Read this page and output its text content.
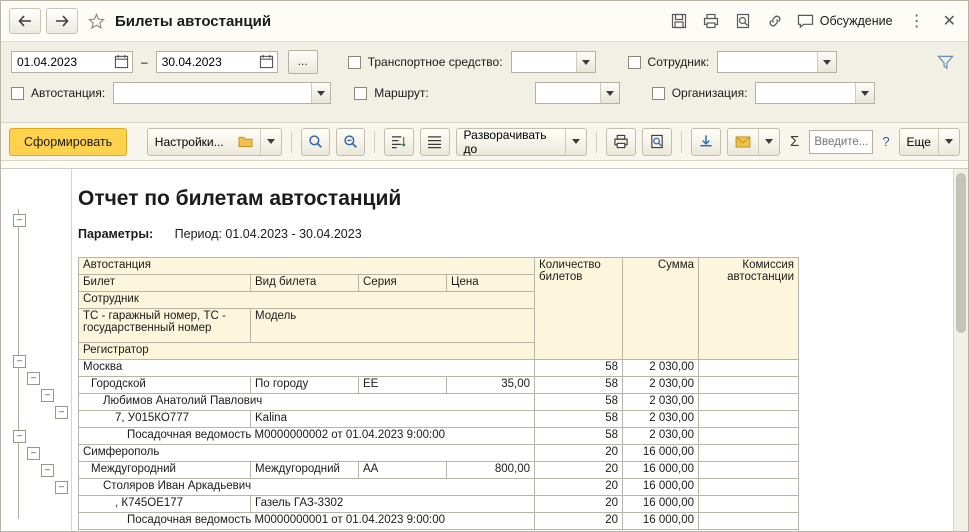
Билеты автостанций	Обсуждение ⋮ ✕
01.04.2023
–
30.04.2023	...	Транспортное средство:	Сотрудник:
Автостанция:	Маршрут:	Организация:
Сформировать	Настройки...	Разворачивать до	Σ
Введите...	?	Еще
–
–
–
–
–
–
–
–
–
Отчет по билетам автостанций
Параметры: Период: 01.04.2023 - 30.04.2023
Автостанция				Количество билетов	Сумма	Комиссия автостанции
Билет	Вид билета	Серия	Цена			
Сотрудник						
ТС - гаражный номер, ТС - государственный номер	Модель					
Регистратор						
Москва				58	2 030,00	
Городской	По городу	ЕЕ	35,00	58	2 030,00	
Любимов Анатолий Павлович				58	2 030,00	
7, У015КО777	Kalina			58	2 030,00	
Посадочная ведомость М0000000002 от 01.04.2023 9:00:00				58	2 030,00	
Симферополь				20	16 000,00	
Междугородний	Междугородний	АА	800,00	20	16 000,00	
Столяров Иван Аркадьевич				20	16 000,00	
, К745ОЕ177	Газель ГАЗ-3302			20	16 000,00	
Посадочная ведомость М0000000001 от 01.04.2023 9:00:00				20	16 000,00	
